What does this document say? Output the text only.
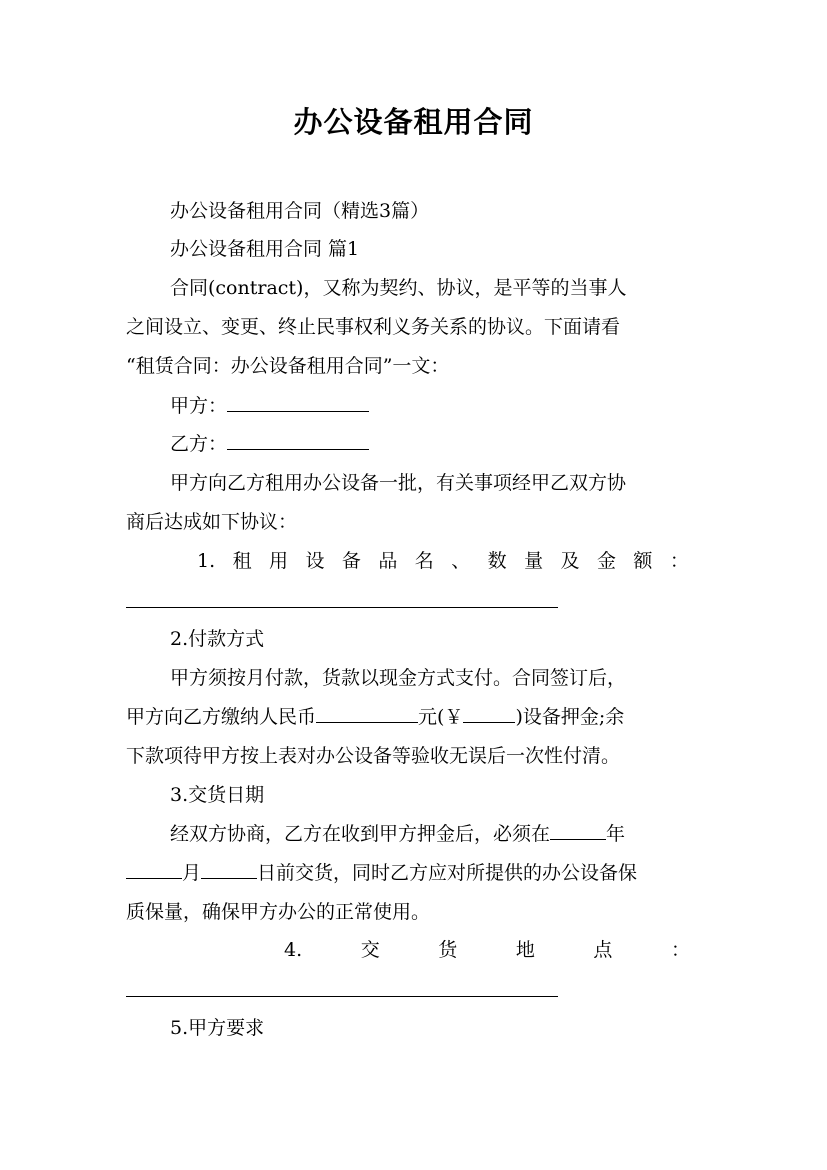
办公设备租用合同
办公设备租用合同（精选3篇）
办公设备租用合同 篇1
合同(contract)，又称为契约、协议，是平等的当事人
之间设立、变更、终止民事权利义务关系的协议。下面请看
“租赁合同：办公设备租用合同”一文：
甲方：
乙方：
甲方向乙方租用办公设备一批，有关事项经甲乙双方协
商后达成如下协议：
1. 租 用 设 备 品 名 、 数 量 及 金 额 ：
2.付款方式
甲方须按月付款，货款以现金方式支付。合同签订后，
甲方向乙方缴纳人民币	元(￥	)设备押金;余
下款项待甲方按上表对办公设备等验收无误后一次性付清。
3.交货日期
经双方协商，乙方在收到甲方押金后，必须在	年
月	日前交货，同时乙方应对所提供的办公设备保
质保量，确保甲方办公的正常使用。
4.	交	货	地	点	：
5.甲方要求
